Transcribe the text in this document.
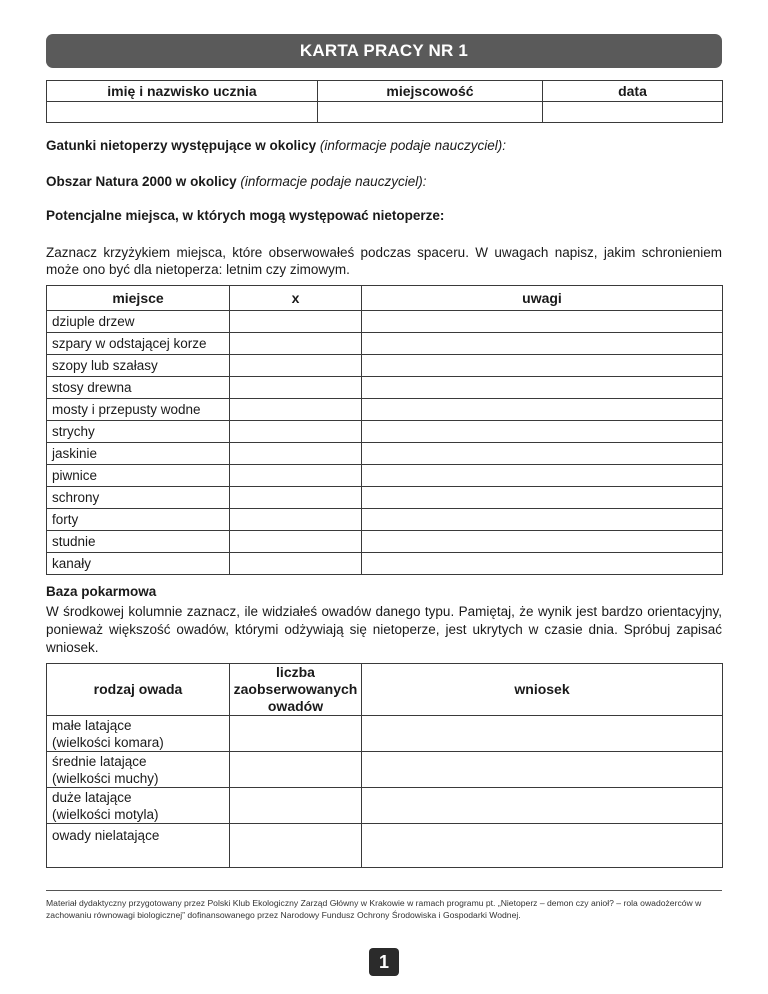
KARTA PRACY NR 1
imię i nazwisko ucznia	miejscowość	data

Gatunki nietoperzy występujące w okolicy (informacje podaje nauczyciel):
Obszar Natura 2000 w okolicy (informacje podaje nauczyciel):
Potencjalne miejsca, w których mogą występować nietoperze:
Zaznacz krzyżykiem miejsca, które obserwowałeś podczas spaceru. W uwagach napisz, jakim schronieniem może ono być dla nietoperza: letnim czy zimowym.
miejsce	x	uwagi
dziuple drzew		
szpary w odstającej korze		
szopy lub szałasy		
stosy drewna		
mosty i przepusty wodne		
strychy		
jaskinie		
piwnice		
schrony		
forty		
studnie		
kanały		
Baza pokarmowa
W środkowej kolumnie zaznacz, ile widziałeś owadów danego typu. Pamiętaj, że wynik jest bardzo orientacyjny, ponieważ większość owadów, którymi odżywiają się nietoperze, jest ukrytych w czasie dnia. Spróbuj zapisać wniosek.
rodzaj owada	liczba zaobserwowanych owadów	wniosek

małe latające
(wielkości komara)		

średnie latające
(wielkości muchy)		

duże latające
(wielkości motyla)		

owady nielatające		

Materiał dydaktyczny przygotowany przez Polski Klub Ekologiczny Zarząd Główny w Krakowie w ramach programu pt. „Nietoperz – demon czy anioł? – rola owadożerców w zachowaniu równowagi biologicznej” dofinansowanego przez Narodowy Fundusz Ochrony Środowiska i Gospodarki Wodnej.
1
